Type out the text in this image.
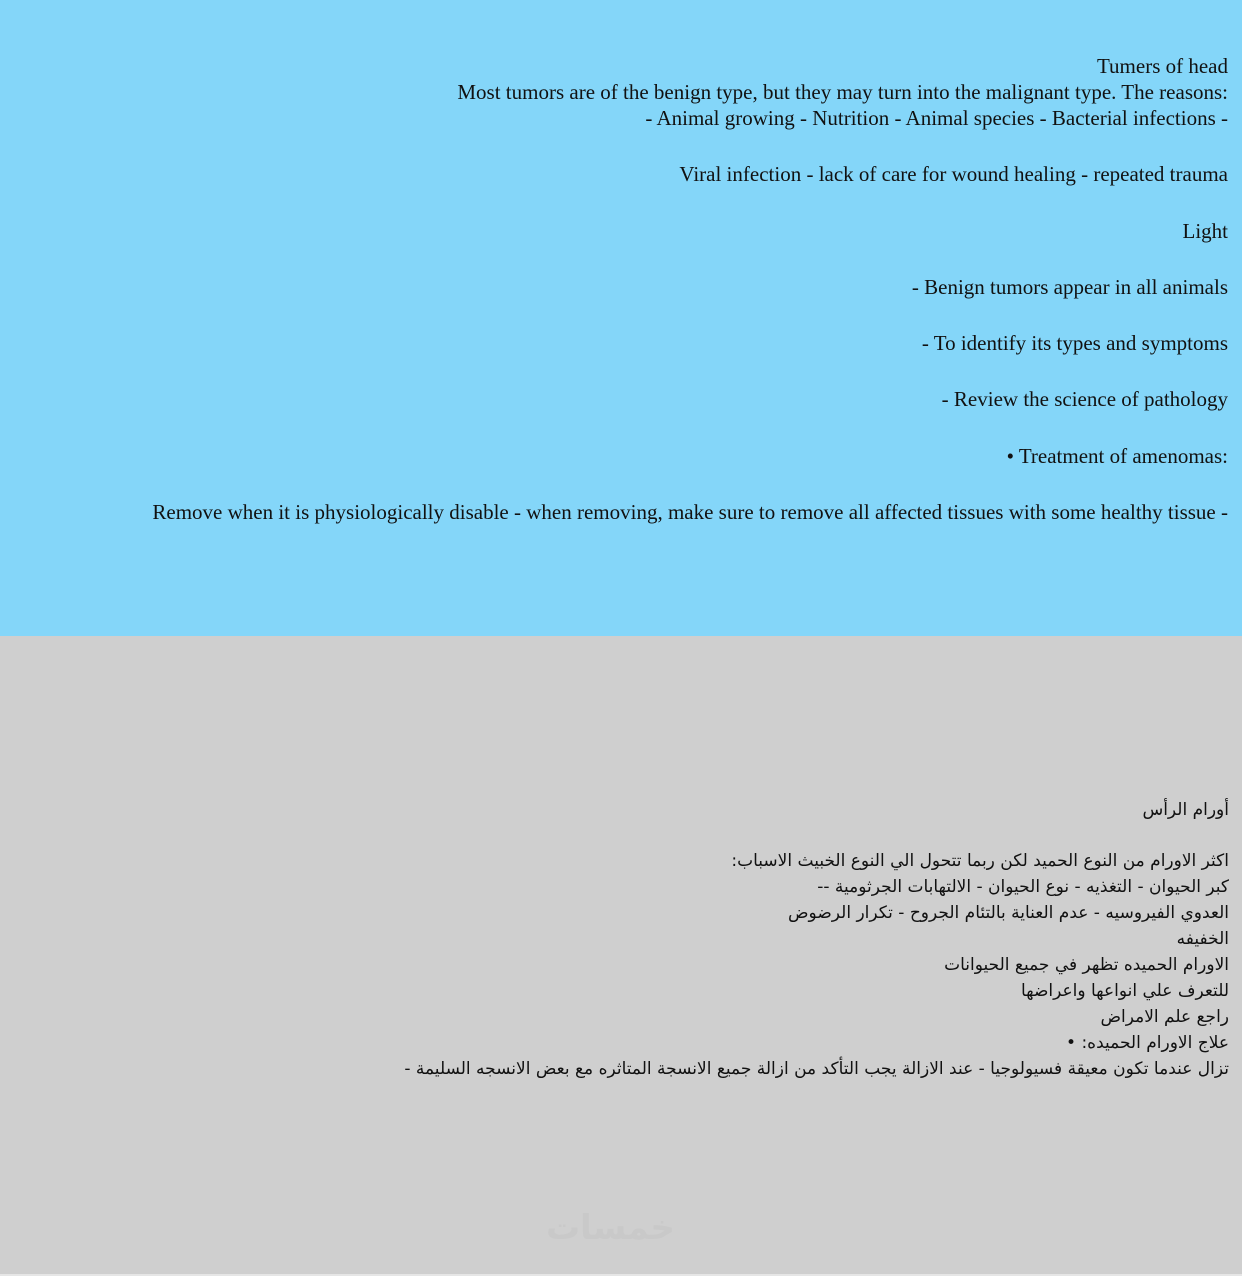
Tumers of head

Most tumors are of the benign type, but they may turn into the malignant type. The reasons:

- Animal growing - Nutrition - Animal species - Bacterial infections -

Viral infection - lack of care for wound healing - repeated trauma

Light

- Benign tumors appear in all animals

- To identify its types and symptoms

- Review the science of pathology

• Treatment of amenomas:

Remove when it is physiologically disable - when removing, make sure to remove all affected tissues with some healthy tissue -

أورام الرأس

اكثر الاورام من النوع الحميد لكن ربما تتحول الي النوع الخبيث الاسباب:

كبر الحيوان - التغذيه - نوع الحيوان - الالتهابات الجرثومية --

العدوي الفيروسيه - عدم العناية بالتئام الجروح - تكرار الرضوض

الخفيفه

الاورام الحميده تظهر في جميع الحيوانات

للتعرف علي انواعها واعراضها

راجع علم الامراض

علاج الاورام الحميده: •

تزال عندما تكون معيقة فسيولوجيا - عند الازالة يجب التأكد من ازالة جميع الانسجة المتاثره مع بعض الانسجه السليمة -

خمسات
